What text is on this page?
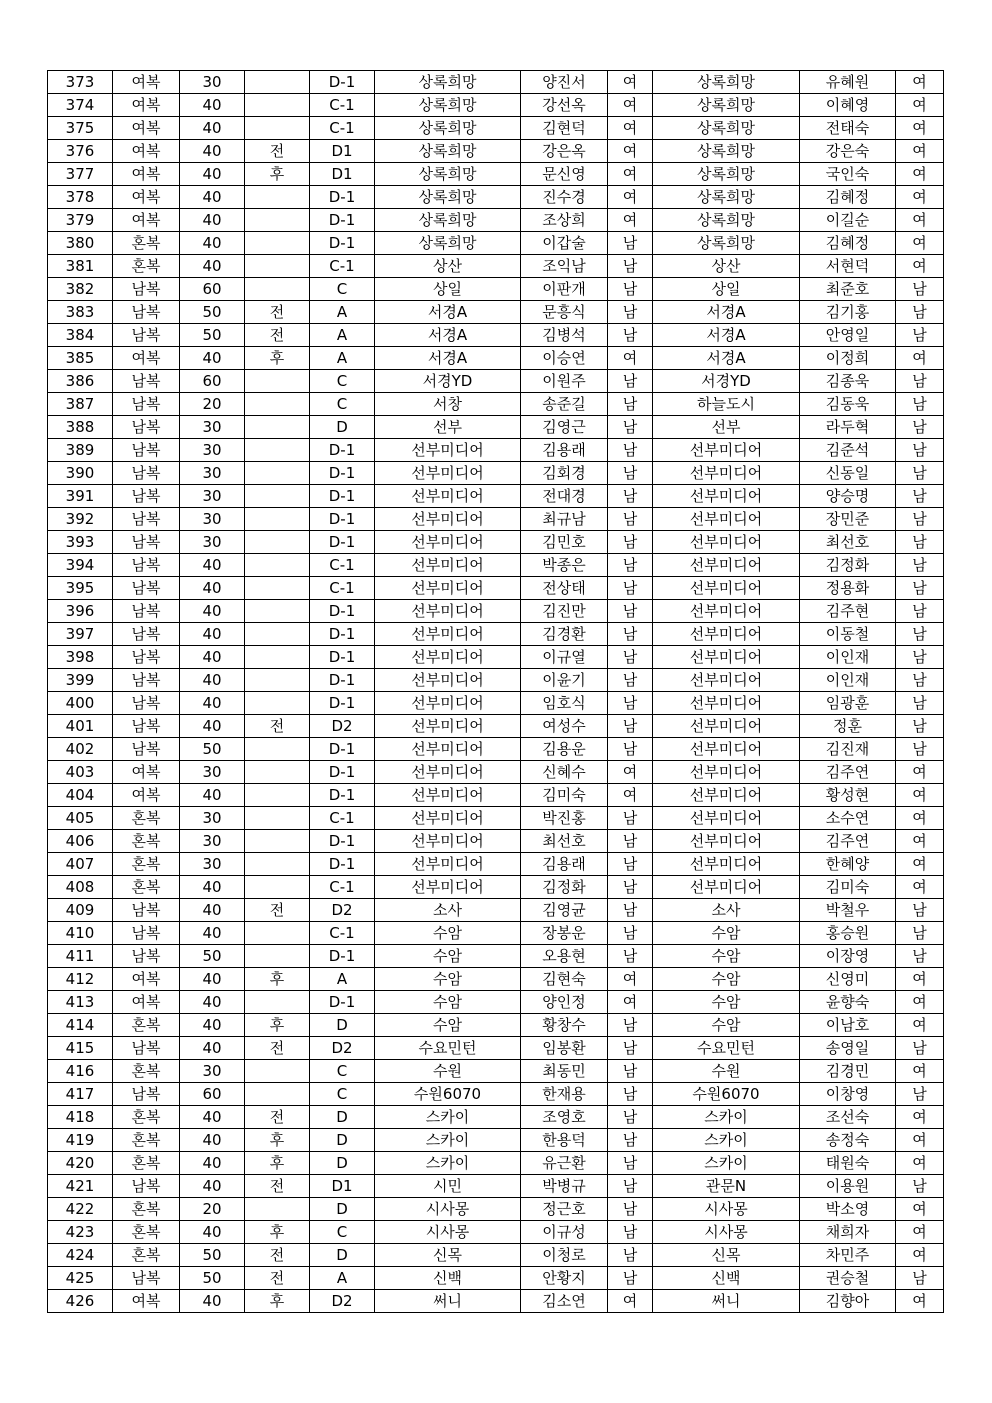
373	여복	30		D-1	상록희망	양진서	여	상록희망	유혜원	여
374	여복	40		C-1	상록희망	강선옥	여	상록희망	이혜영	여
375	여복	40		C-1	상록희망	김현덕	여	상록희망	전태숙	여
376	여복	40	전	D1	상록희망	강은옥	여	상록희망	강은숙	여
377	여복	40	후	D1	상록희망	문신영	여	상록희망	국인숙	여
378	여복	40		D-1	상록희망	진수경	여	상록희망	김혜정	여
379	여복	40		D-1	상록희망	조상희	여	상록희망	이길순	여
380	혼복	40		D-1	상록희망	이갑술	남	상록희망	김혜정	여
381	혼복	40		C-1	상산	조익남	남	상산	서현덕	여
382	남복	60		C	상일	이판개	남	상일	최준호	남
383	남복	50	전	A	서경A	문흥식	남	서경A	김기홍	남
384	남복	50	전	A	서경A	김병석	남	서경A	안영일	남
385	여복	40	후	A	서경A	이승연	여	서경A	이정희	여
386	남복	60		C	서경YD	이원주	남	서경YD	김종욱	남
387	남복	20		C	서창	송준길	남	하늘도시	김동욱	남
388	남복	30		D	선부	김영근	남	선부	라두혁	남
389	남복	30		D-1	선부미디어	김용래	남	선부미디어	김준석	남
390	남복	30		D-1	선부미디어	김회경	남	선부미디어	신동일	남
391	남복	30		D-1	선부미디어	전대경	남	선부미디어	양승명	남
392	남복	30		D-1	선부미디어	최규남	남	선부미디어	장민준	남
393	남복	30		D-1	선부미디어	김민호	남	선부미디어	최선호	남
394	남복	40		C-1	선부미디어	박종은	남	선부미디어	김정화	남
395	남복	40		C-1	선부미디어	전상태	남	선부미디어	정용화	남
396	남복	40		D-1	선부미디어	김진만	남	선부미디어	김주현	남
397	남복	40		D-1	선부미디어	김경환	남	선부미디어	이동철	남
398	남복	40		D-1	선부미디어	이규열	남	선부미디어	이인재	남
399	남복	40		D-1	선부미디어	이윤기	남	선부미디어	이인재	남
400	남복	40		D-1	선부미디어	임호식	남	선부미디어	임광훈	남
401	남복	40	전	D2	선부미디어	여성수	남	선부미디어	정훈	남
402	남복	50		D-1	선부미디어	김용운	남	선부미디어	김진재	남
403	여복	30		D-1	선부미디어	신혜수	여	선부미디어	김주연	여
404	여복	40		D-1	선부미디어	김미숙	여	선부미디어	황성현	여
405	혼복	30		C-1	선부미디어	박진홍	남	선부미디어	소수연	여
406	혼복	30		D-1	선부미디어	최선호	남	선부미디어	김주연	여
407	혼복	30		D-1	선부미디어	김용래	남	선부미디어	한혜양	여
408	혼복	40		C-1	선부미디어	김정화	남	선부미디어	김미숙	여
409	남복	40	전	D2	소사	김영균	남	소사	박철우	남
410	남복	40		C-1	수암	장봉운	남	수암	홍승원	남
411	남복	50		D-1	수암	오용현	남	수암	이장영	남
412	여복	40	후	A	수암	김현숙	여	수암	신영미	여
413	여복	40		D-1	수암	양인정	여	수암	윤향숙	여
414	혼복	40	후	D	수암	황창수	남	수암	이남호	여
415	남복	40	전	D2	수요민턴	임봉환	남	수요민턴	송영일	남
416	혼복	30		C	수원	최동민	남	수원	김경민	여
417	남복	60		C	수원6070	한재용	남	수원6070	이창영	남
418	혼복	40	전	D	스카이	조영호	남	스카이	조선숙	여
419	혼복	40	후	D	스카이	한용덕	남	스카이	송정숙	여
420	혼복	40	후	D	스카이	유근환	남	스카이	태원숙	여
421	남복	40	전	D1	시민	박병규	남	관문N	이용원	남
422	혼복	20		D	시사몽	정근호	남	시사몽	박소영	여
423	혼복	40	후	C	시사몽	이규성	남	시사몽	채희자	여
424	혼복	50	전	D	신목	이청로	남	신목	차민주	여
425	남복	50	전	A	신백	안황지	남	신백	권승철	남
426	여복	40	후	D2	써니	김소연	여	써니	김향아	여
